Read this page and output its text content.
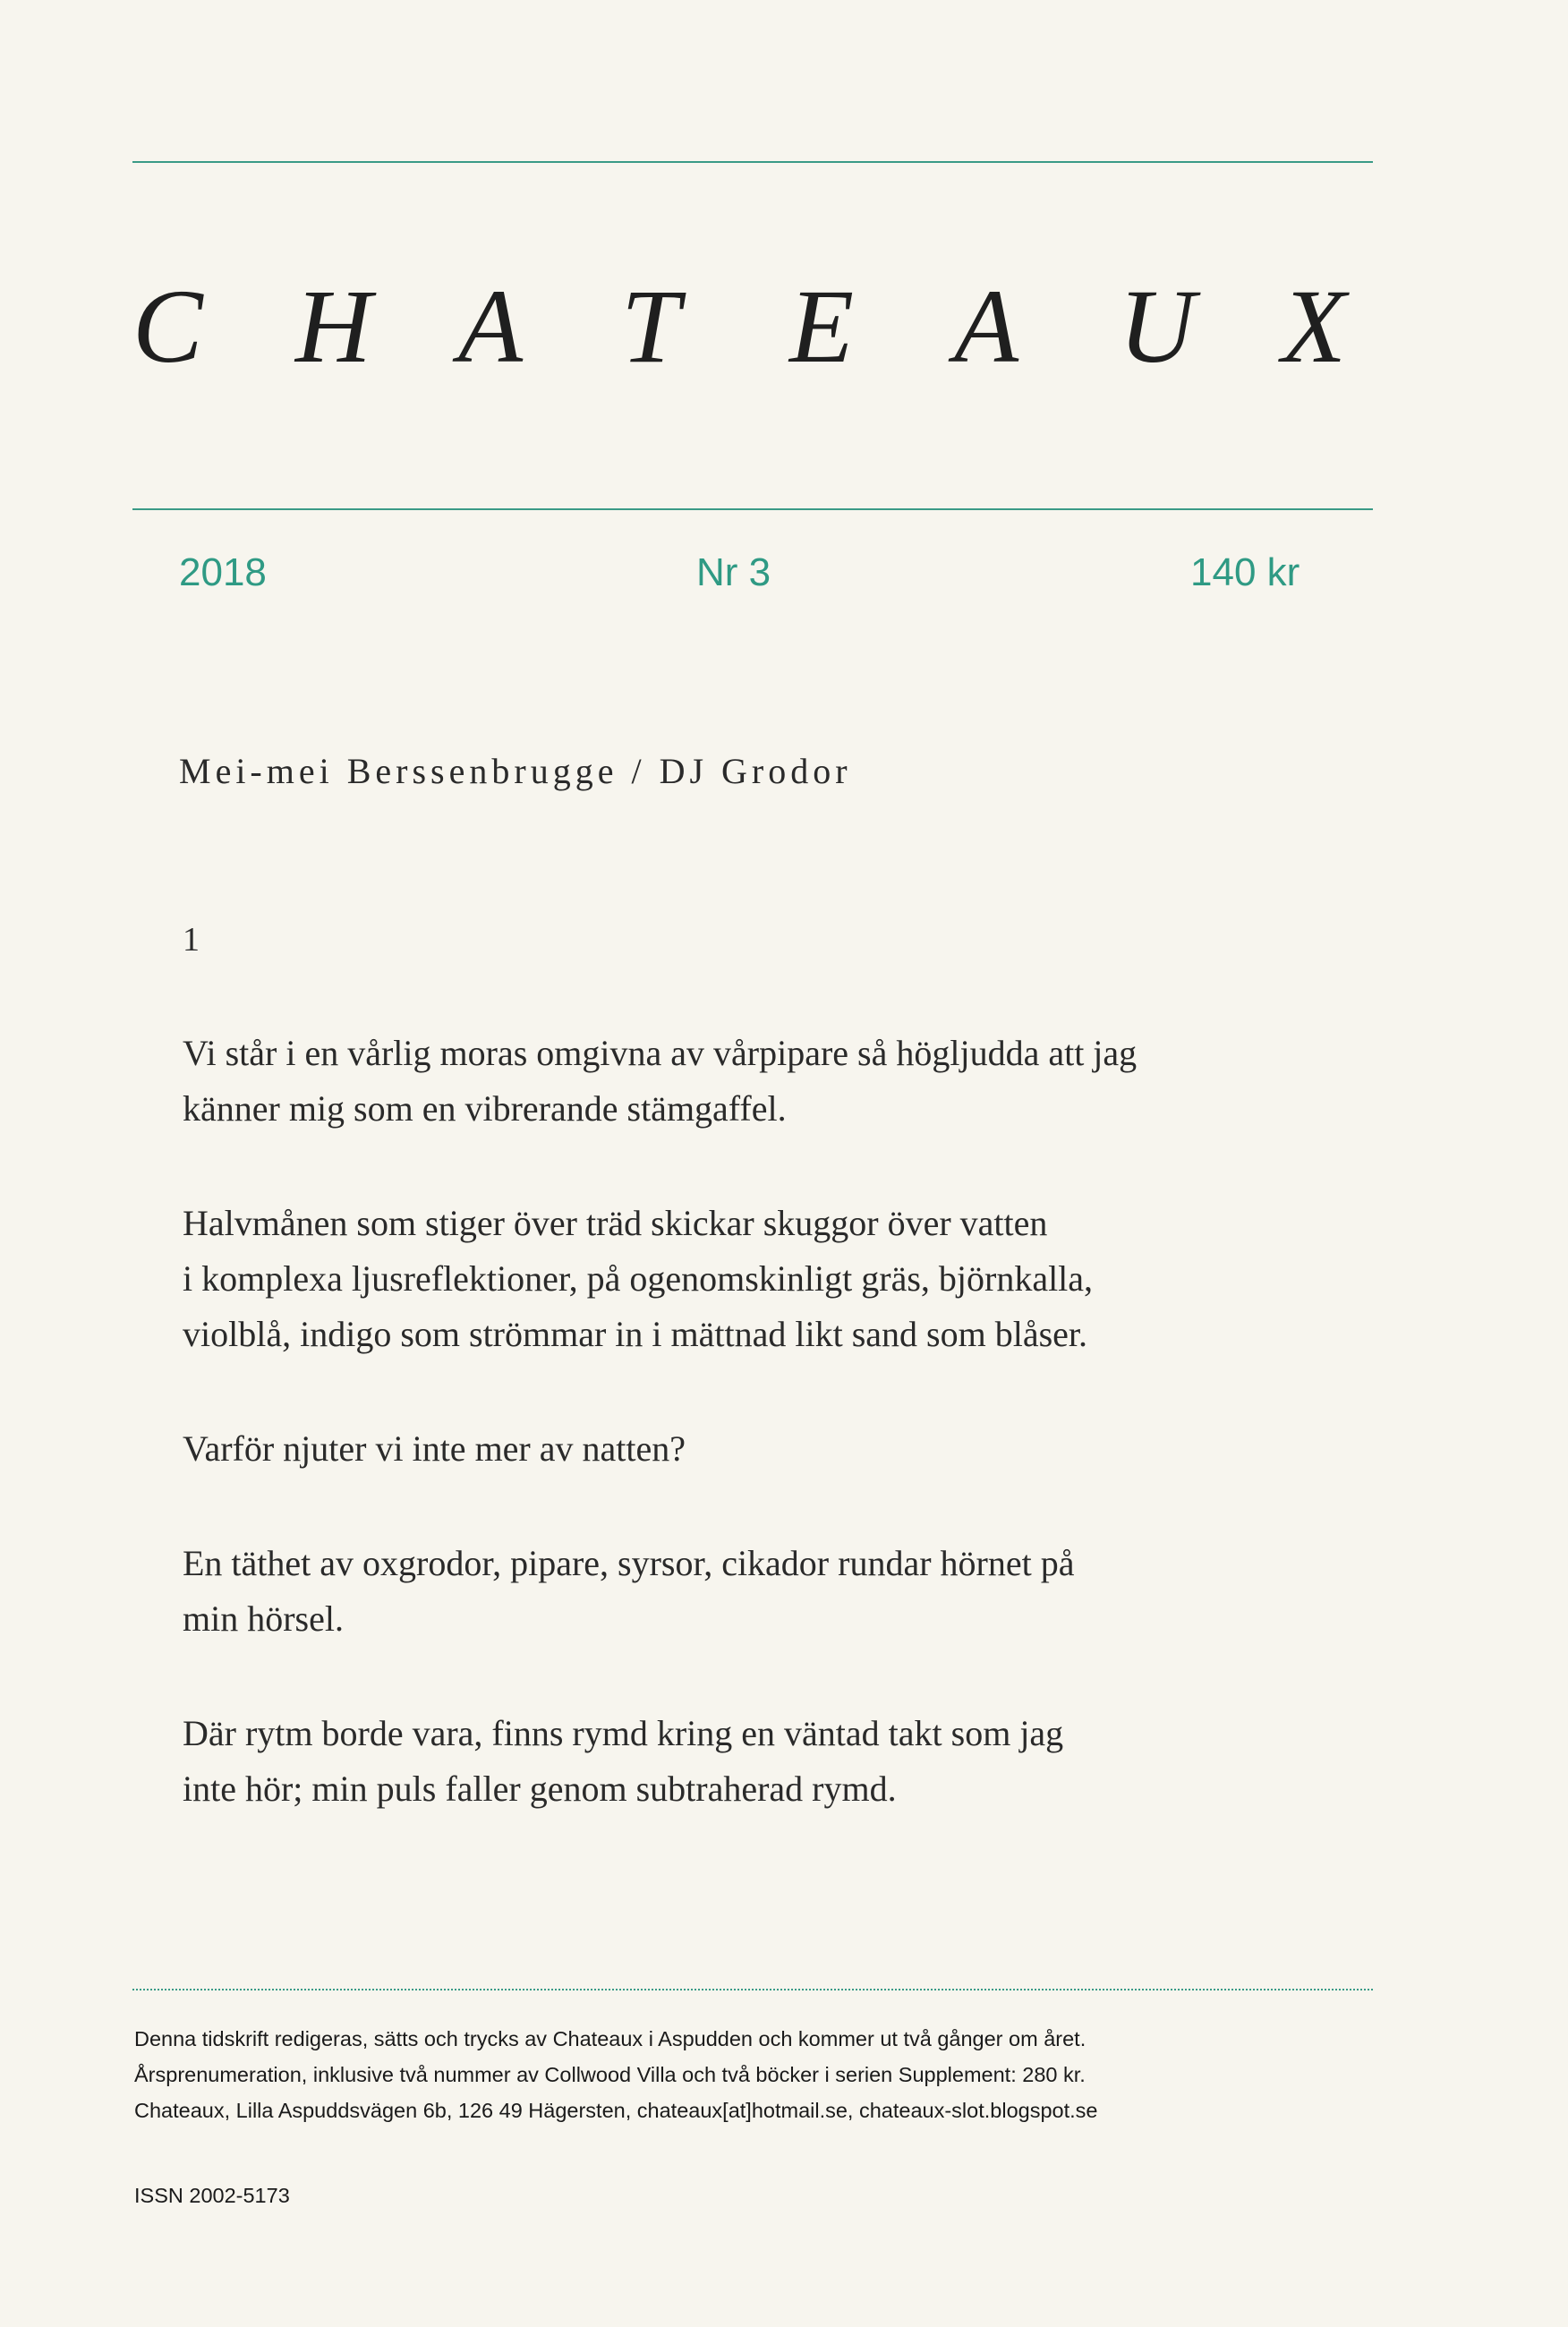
C H A T E A U X
2018	Nr 3	140 kr
Mei-mei Berssenbrugge / DJ Grodor
1

Vi står i en vårlig moras omgivna av vårpipare så högljudda att jag
känner mig som en vibrerande stämgaffel.

Halvmånen som stiger över träd skickar skuggor över vatten
i komplexa ljusreflektioner, på ogenomskinligt gräs, björnkalla,
violblå, indigo som strömmar in i mättnad likt sand som blåser.

Varför njuter vi inte mer av natten?

En täthet av oxgrodor, pipare, syrsor, cikador rundar hörnet på
min hörsel.

Där rytm borde vara, finns rymd kring en väntad takt som jag
inte hör; min puls faller genom subtraherad rymd.

Denna tidskrift redigeras, sätts och trycks av Chateaux i Aspudden och kommer ut två gånger om året.
Årsprenumeration, inklusive två nummer av Collwood Villa och två böcker i serien Supplement: 280 kr.
Chateaux, Lilla Aspuddsvägen 6b, 126 49 Hägersten, chateaux[at]hotmail.se, chateaux-slot.blogspot.se
ISSN 2002-5173
